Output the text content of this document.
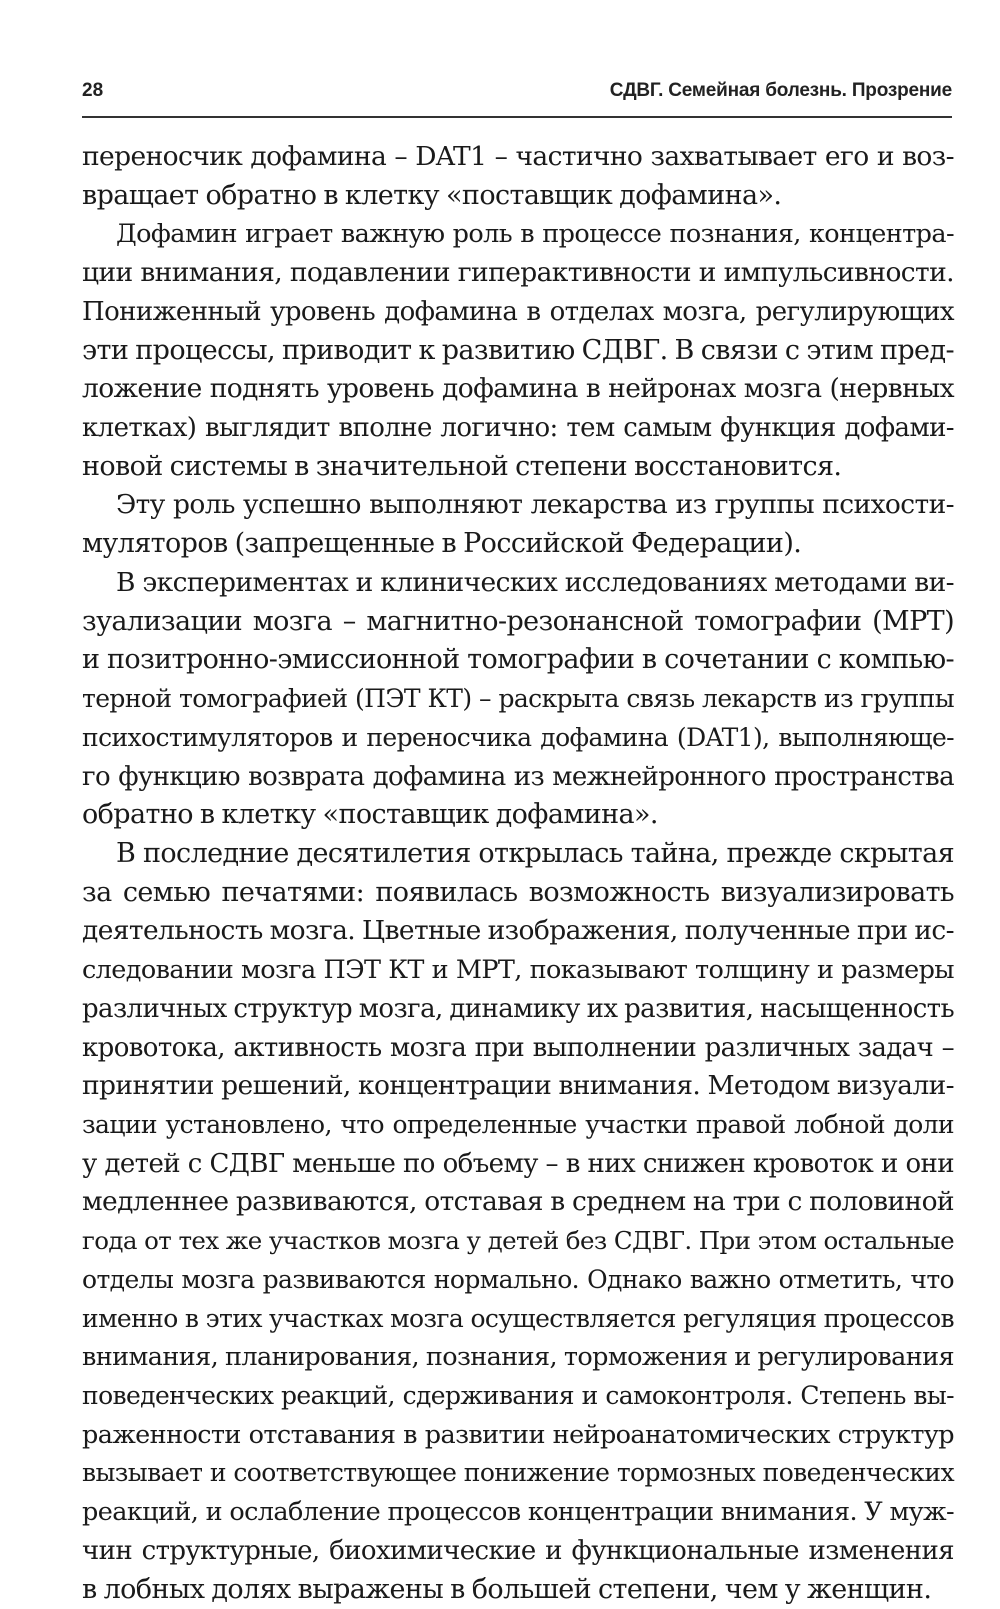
28	СДВГ. Семейная болезнь. Прозрение
переносчик дофамина – DAT1 – частично захватывает его и воз-
вращает обратно в клетку «поставщик дофамина».
Дофамин играет важную роль в процессе познания, концентра-
ции внимания, подавлении гиперактивности и импульсивности.
Пониженный уровень дофамина в отделах мозга, регулирующих
эти процессы, приводит к развитию СДВГ. В связи с этим пред-
ложение поднять уровень дофамина в нейронах мозга (нервных
клетках) выглядит вполне логично: тем самым функция дофами-
новой системы в значительной степени восстановится.
Эту роль успешно выполняют лекарства из группы психости-
муляторов (запрещенные в Российской Федерации).
В экспериментах и клинических исследованиях методами ви-
зуализации мозга – магнитно-резонансной томографии (МРТ)
и позитронно-эмиссионной томографии в сочетании с компью-
терной томографией (ПЭТ КТ) – раскрыта связь лекарств из группы
психостимуляторов и переносчика дофамина (DAT1), выполняюще-
го функцию возврата дофамина из межнейронного пространства
обратно в клетку «поставщик дофамина».
В последние десятилетия открылась тайна, прежде скрытая
за семью печатями: появилась возможность визуализировать
деятельность мозга. Цветные изображения, полученные при ис-
следовании мозга ПЭТ КТ и МРТ, показывают толщину и размеры
различных структур мозга, динамику их развития, насыщенность
кровотока, активность мозга при выполнении различных задач –
принятии решений, концентрации внимания. Методом визуали-
зации установлено, что определенные участки правой лобной доли
у детей с СДВГ меньше по объему – в них снижен кровоток и они
медленнее развиваются, отставая в среднем на три с половиной
года от тех же участков мозга у детей без СДВГ. При этом остальные
отделы мозга развиваются нормально. Однако важно отметить, что
именно в этих участках мозга осуществляется регуляция процессов
внимания, планирования, познания, торможения и регулирования
поведенческих реакций, сдерживания и самоконтроля. Степень вы-
раженности отставания в развитии нейроанатомических структур
вызывает и соответствующее понижение тормозных поведенческих
реакций, и ослабление процессов концентрации внимания. У муж-
чин структурные, биохимические и функциональные изменения
в лобных долях выражены в большей степени, чем у женщин.
